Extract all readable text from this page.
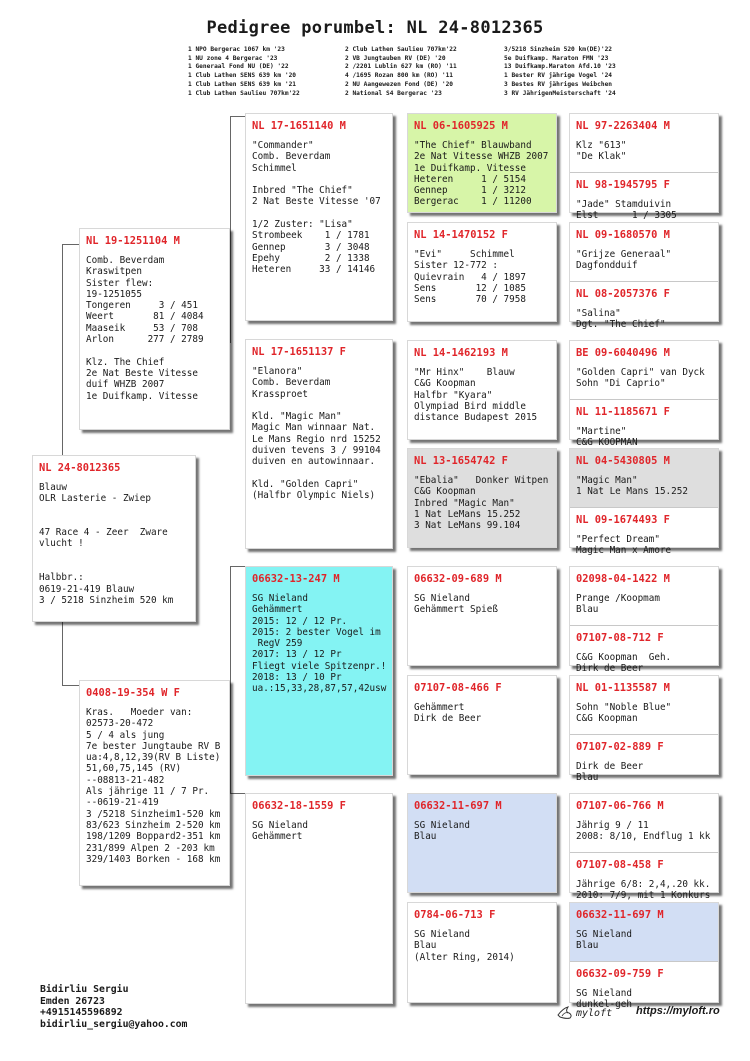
Pedigree porumbel: NL 24-8012365
1 NPO Bergerac 1067 km '23
1 NU zone 4 Bergerac '23
1 Generaal Fond NU (DE) '22
1 Club Lathen SENS 639 km '20
1 Club Lathen SENS 639 km '21
1 Club Lathen Saulieu 707km'22
2 Club Lathen Saulieu 707km'22
2 VB Jungtauben RV (DE) '20
2 /2201 Lublin 627 km (RO) '11
4 /1695 Rozan 800 km (RO) '11
2 NU Aangewezen Fond (DE) '20
2 National S4 Bergerac '23
3/5218 Sinzheim 520 km(DE)'22
5e Duifkamp. Maraton FMN '23
13 Duifkamp.Maraton Afd.10 '23
1 Bester RV jährige Vogel '24
3 Bestes RV jähriges Weibchen
3 RV JährigenMeisterschaft '24
NL 24-8012365
Blauw
OLR Lasterie - Zwiep

47 Race 4 - Zeer  Zware
vlucht !

Halbbr.:
0619-21-419 Blauw
3 / 5218 Sinzheim 520 km
NL 19-1251104 M
Comb. Beverdam
Kraswitpen
Sister flew:
19-1251055
Tongeren     3 / 451
Weert       81 / 4084
Maaseik     53 / 708
Arlon      277 / 2789

Klz. The Chief
2e Nat Beste Vitesse
duif WHZB 2007
1e Duifkamp. Vitesse
0408-19-354 W F
Kras.   Moeder van:
02573-20-472
5 / 4 als jung
7e bester Jungtaube RV B
ua:4,8,12,39(RV B Liste)
51,60,75,145 (RV)
--08813-21-482
Als jährige 11 / 7 Pr.
--0619-21-419
3 /5218 Sinzheim1-520 km
83/623 Sinzheim 2-520 km
198/1209 Boppard2-351 km
231/899 Alpen 2 -203 km
329/1403 Borken - 168 km
NL 17-1651140 M
"Commander"
Comb. Beverdam
Schimmel

Inbred "The Chief"
2 Nat Beste Vitesse '07

1/2 Zuster: "Lisa"
Strombeek    1 / 1781
Gennep       3 / 3048
Epehy        2 / 1338
Heteren     33 / 14146
NL 17-1651137 F
"Elanora"
Comb. Beverdam
Krassproet

Kld. "Magic Man"
Magic Man winnaar Nat.
Le Mans Regio nrd 15252
duiven tevens 3 / 99104
duiven en autowinnaar.

Kld. "Golden Capri"
(Halfbr Olympic Niels)
06632-13-247 M
SG Nieland
Gehämmert
2015: 12 / 12 Pr.
2015: 2 bester Vogel im
RegV 259
2017: 13 / 12 Pr
Fliegt viele Spitzenpr.!
2018: 13 / 10 Pr
ua.:15,33,28,87,57,42usw
06632-18-1559 F
SG Nieland
Gehämmert
NL 06-1605925 M
"The Chief" Blauwband
2e Nat Vitesse WHZB 2007
1e Duifkamp. Vitesse
Heteren     1 / 5154
Gennep      1 / 3212
Bergerac    1 / 11200
NL 14-1470152 F
"Evi"     Schimmel
Sister 12-772 :
Quievrain   4 / 1897
Sens       12 / 1085
Sens       70 / 7958
NL 14-1462193 M
"Mr Hinx"    Blauw
C&G Koopman
Halfbr "Kyara"
Olympiad Bird middle
distance Budapest 2015
NL 13-1654742 F
"Ebalia"   Donker Witpen
C&G Koopman
Inbred "Magic Man"
1 Nat LeMans 15.252
3 Nat LeMans 99.104
06632-09-689 M
SG Nieland
Gehämmert Spieß
07107-08-466 F
Gehämmert
Dirk de Beer
06632-11-697 M
SG Nieland
Blau
0784-06-713 F
SG Nieland
Blau
(Alter Ring, 2014)
NL 97-2263404 M
Klz "613"
"De Klak"
NL 98-1945795 F
"Jade" Stamduivin
Elst      1 / 3305
NL 09-1680570 M
"Grijze Generaal"
Dagfondduif
NL 08-2057376 F
"Salina"
Dgt. "The Chief"
BE 09-6040496 M
"Golden Capri" van Dyck
Sohn "Di Caprio"
NL 11-1185671 F
"Martine"
C&G KOOPMAN
NL 04-5430805 M
"Magic Man"
1 Nat Le Mans 15.252
NL 09-1674493 F
"Perfect Dream"
Magic Man x Amore
02098-04-1422 M
Prange /Koopmam
Blau
07107-08-712 F
C&G Koopman  Geh.
Dirk de Beer
NL 01-1135587 M
Sohn "Noble Blue"
C&G Koopman
07107-02-889 F
Dirk de Beer
Blau
07107-06-766 M
Jährig 9 / 11
2008: 8/10, Endflug 1 kk
07107-08-458 F
Jährige 6/8: 2,4,.20 kk.
2010: 7/9, mit 1 Konkurs
06632-11-697 M
SG Nieland
Blau
06632-09-759 F
SG Nieland
dunkel-geh
Bidirliu Sergiu
Emden 26723
+4915145596892
bidirliu_sergiu@yahoo.com
myloft https://myloft.ro
